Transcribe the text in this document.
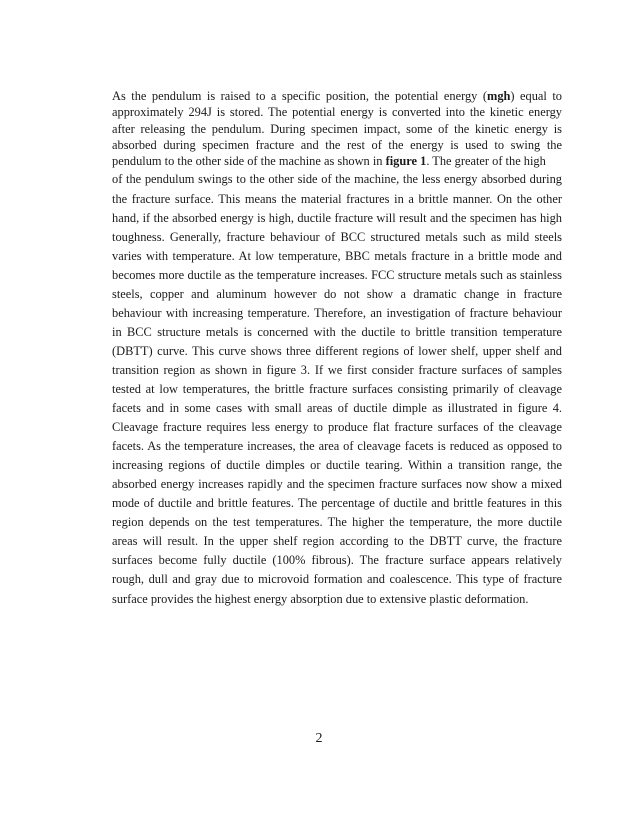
As the pendulum is raised to a specific position, the potential energy (mgh) equal to approximately 294J is stored. The potential energy is converted into the kinetic energy after releasing the pendulum. During specimen impact, some of the kinetic energy is absorbed during specimen fracture and the rest of the energy is used to swing the pendulum to the other side of the machine as shown in figure 1. The greater of the high

of the pendulum swings to the other side of the machine, the less energy absorbed during the fracture surface. This means the material fractures in a brittle manner. On the other hand, if the absorbed energy is high, ductile fracture will result and the specimen has high toughness. Generally, fracture behaviour of BCC structured metals such as mild steels varies with temperature. At low temperature, BBC metals fracture in a brittle mode and becomes more ductile as the temperature increases. FCC structure metals such as stainless steels, copper and aluminum however do not show a dramatic change in fracture behaviour with increasing temperature. Therefore, an investigation of fracture behaviour in BCC structure metals is concerned with the ductile to brittle transition temperature (DBTT) curve. This curve shows three different regions of lower shelf, upper shelf and transition region as shown in figure 3. If we first consider fracture surfaces of samples tested at low temperatures, the brittle fracture surfaces consisting primarily of cleavage facets and in some cases with small areas of ductile dimple as illustrated in figure 4. Cleavage fracture requires less energy to produce flat fracture surfaces of the cleavage facets. As the temperature increases, the area of cleavage facets is reduced as opposed to increasing regions of ductile dimples or ductile tearing. Within a transition range, the absorbed energy increases rapidly and the specimen fracture surfaces now show a mixed mode of ductile and brittle features. The percentage of ductile and brittle features in this region depends on the test temperatures. The higher the temperature, the more ductile areas will result. In the upper shelf region according to the DBTT curve, the fracture surfaces become fully ductile (100% fibrous). The fracture surface appears relatively rough, dull and gray due to microvoid formation and coalescence. This type of fracture surface provides the highest energy absorption due to extensive plastic deformation.

2
